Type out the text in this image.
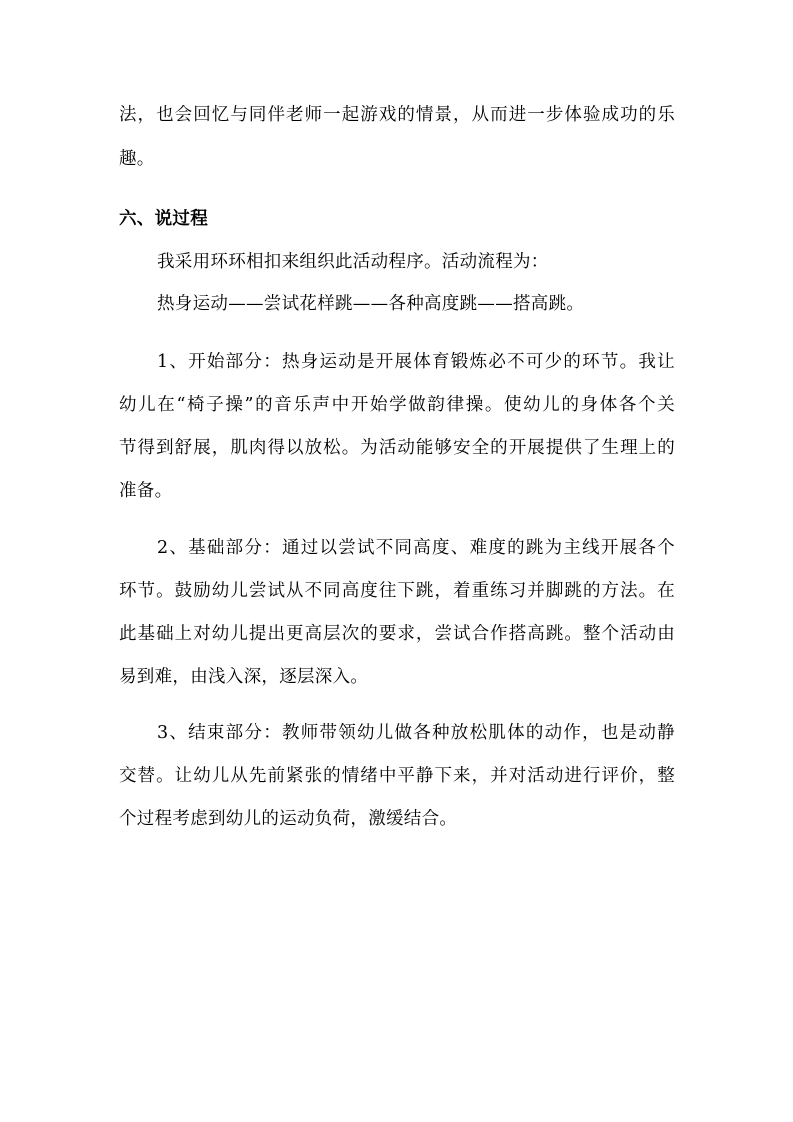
法，也会回忆与同伴老师一起游戏的情景，从而进一步体验成功的乐
趣。
六、说过程
我采用环环相扣来组织此活动程序。活动流程为：
热身运动——尝试花样跳——各种高度跳——搭高跳。
1、开始部分：热身运动是开展体育锻炼必不可少的环节。我让
幼儿在“椅子操”的音乐声中开始学做韵律操。使幼儿的身体各个关
节得到舒展，肌肉得以放松。为活动能够安全的开展提供了生理上的
准备。
2、基础部分：通过以尝试不同高度、难度的跳为主线开展各个
环节。鼓励幼儿尝试从不同高度往下跳，着重练习并脚跳的方法。在
此基础上对幼儿提出更高层次的要求，尝试合作搭高跳。整个活动由
易到难，由浅入深，逐层深入。
3、结束部分：教师带领幼儿做各种放松肌体的动作，也是动静
交替。让幼儿从先前紧张的情绪中平静下来，并对活动进行评价，整
个过程考虑到幼儿的运动负荷，激缓结合。
